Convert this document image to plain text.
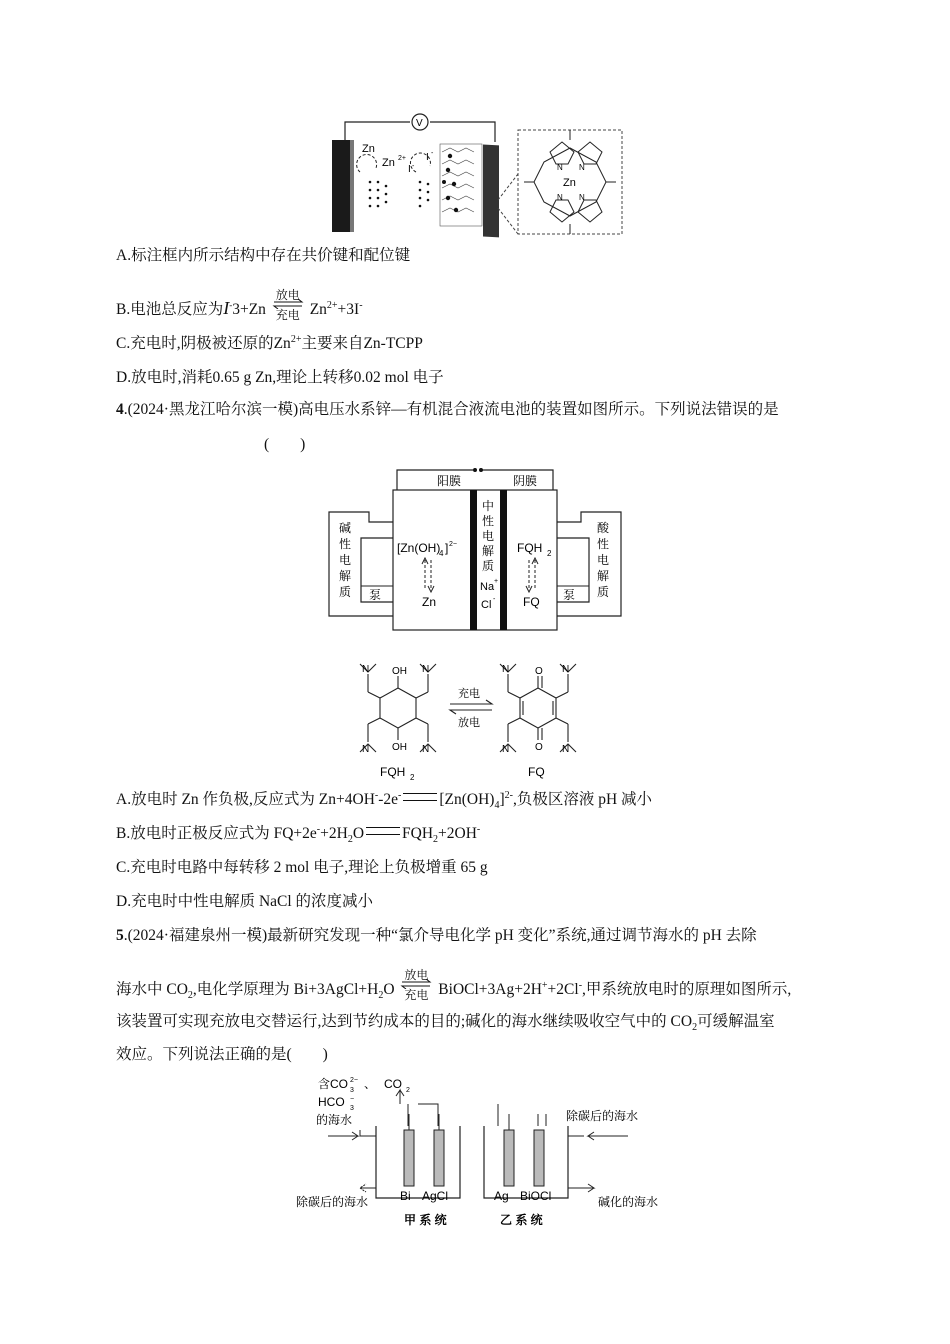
V
Zn
Zn 2+
I -
I -
Zn
N N
N N
A.标注框内所示结构中存在共价键和配位键
B.电池总反应为I-3+Zn
放电
充电 $Zn^{2+}+3I^-$
C.充电时,阴极被还原的$Zn^{2+}$主要来自Zn-TCPP
D.放电时,消耗0.65 g Zn,理论上转移0.02 mol 电子
4.(2024·黑龙江哈尔滨一模)高电压水系锌—有机混合液流电池的装置如图所示。下列说法错误的是
(　　)
阳膜	阴膜
中
性
电
解
质
Na +
Cl -
[Zn(OH)
4 ] 2−
Zn
FQH 2
FQ
泵
碱
性
电
解
质	泵
酸
性
电
解
质
N	N
N	N
N	N
N	N
OH
OH
O
O
充电
放电
FQH 2	FQ
A.放电时 Zn 作负极,反应式为 Zn+4OH--2e- $[Zn(OH)_4]^{2-}$,负极区溶液 pH 减小
B.放电时正极反应式为 $FQ+2e^-+2H_2O$ $FQH_2+2OH^-$
C.充电时电路中每转移 2 mol 电子,理论上负极增重 65 g
D.充电时中性电解质 NaCl 的浓度减小
5.(2024·福建泉州一模)最新研究发现一种“氯介导电化学 pH 变化”系统,通过调节海水的 pH 去除
海水中 $CO_2$,电化学原理为 $Bi+3AgCl+H_2O$
放电
充电 BiOCl+3Ag+2H++2Cl-,甲系统放电时的原理如图所示,
该装置可实现充放电交替运行,达到节约成本的目的;碱化的海水继续吸收空气中的 $CO_2$可缓解温室
效应。下列说法正确的是(　　)
含CO 3
2− 、 CO 2
HCO 3
−
的海水	除碳后的海水
除碳后的海水	碱化的海水
Bi AgCl	Ag BiOCl
甲 系 统	乙 系 统
